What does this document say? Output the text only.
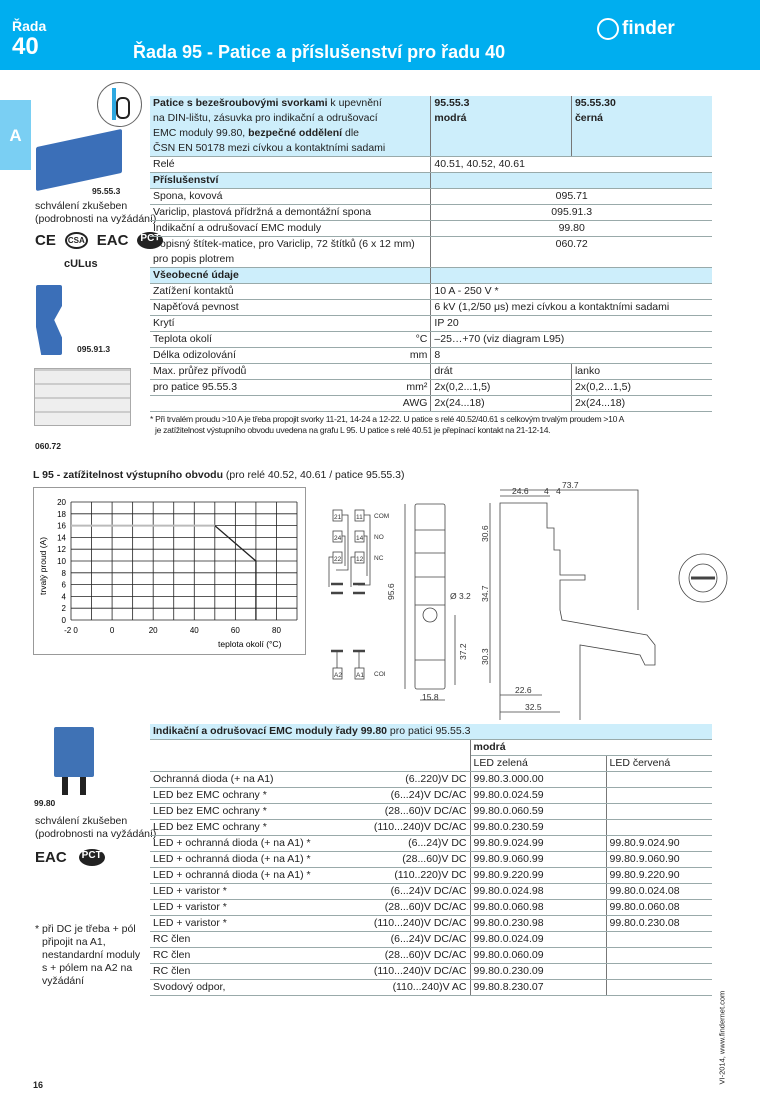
Řada
40	Řada 95 - Patice a příslušenství pro řadu 40
finder
A
95.55.3
schválení zkušeben
(podrobnosti na vyžádání)
CE	CSA EAC	PCT
cULus
095.91.3
060.72
99.80
schválení zkušeben
(podrobnosti na vyžádání)
EAC	PCT
* při DC je třeba + pól
připojit na A1,
nestandardní moduly
s + pólem na A2 na
vyžádání
Patice s bezešroubovými svorkami k upevnění
na DIN-lištu, zásuvka pro indikační a odrušovací
EMC moduly 99.80, bezpečné oddělení dle
ČSN EN 50178 mezi cívkou a kontaktními sadami		95.55.3
modrá	95.55.30
černá
Relé		40.51, 40.52, 40.61	
Příslušenství			
Spona, kovová		095.71	
Variclip, plastová přídržná a demontážní spona		095.91.3	
Indikační a odrušovací EMC moduly		99.80	
Popisný štítek-matice, pro Variclip, 72 štítků (6 x 12 mm)
pro popis plotrem		060.72	
Všeobecné údaje			
Zatížení kontaktů		10 A - 250 V *	
Napěťová pevnost		6 kV (1,2/50 μs) mezi cívkou a kontaktními sadami	
Krytí		IP 20	
Teplota okolí	°C	–25…+70 (viz diagram L95)	
Délka odizolování	mm	8	
Max. průřez přívodů		drát	lanko
pro patice 95.55.3	mm²	2x(0,2...1,5)	2x(0,2...1,5)
	AWG	2x(24...18)	2x(24...18)
* Při trvalém proudu >10 A je třeba propojit svorky 11-21, 14-24 a 12-22. U patice s relé 40.52/40.61 s celkovým trvalým proudem >10 A
je zatížitelnost výstupního obvodu uvedena na grafu L 95. U patice s relé 40.51 je přepínací kontakt na 21-12-14.
L 95 - zatížitelnost výstupního obvodu (pro relé 40.52, 40.61 / patice 95.55.3)
0
2
4
6
8
10
12
14
16
18
20
-2 0	0	20	40	60	80
teplota okolí (°C)
trvalý proud (A)
21 11
24 14
22 12
A2 A1
COM
NO
NC
COI
95.6	Ø 3.2
37.2
15.8
73.7
24.6 4 4
30.6
34.7
30.3
22.6
32.5
Indikační a odrušovací EMC moduly řady 99.80 pro patici 95.55.3		
	modrá	
	LED zelená	LED červená

Ochranná dioda (+ na A1) (6..220)V DC	99.80.3.000.00	

LED bez EMC ochrany * (6...24)V DC/AC	99.80.0.024.59	

LED bez EMC ochrany * (28...60)V DC/AC	99.80.0.060.59	

LED bez EMC ochrany * (110...240)V DC/AC	99.80.0.230.59	

LED + ochranná dioda (+ na A1) * (6...24)V DC	99.80.9.024.99	99.80.9.024.90

LED + ochranná dioda (+ na A1) * (28...60)V DC	99.80.9.060.99	99.80.9.060.90

LED + ochranná dioda (+ na A1) * (110..220)V DC	99.80.9.220.99	99.80.9.220.90

LED + varistor * (6...24)V DC/AC	99.80.0.024.98	99.80.0.024.08

LED + varistor * (28...60)V DC/AC	99.80.0.060.98	99.80.0.060.08

LED + varistor * (110...240)V DC/AC	99.80.0.230.98	99.80.0.230.08

RC člen (6...24)V DC/AC	99.80.0.024.09	

RC člen (28...60)V DC/AC	99.80.0.060.09	

RC člen (110...240)V DC/AC	99.80.0.230.09	

Svodový odpor, (110...240)V AC	99.80.8.230.07	
16
VI-2014, www.findernet.com
